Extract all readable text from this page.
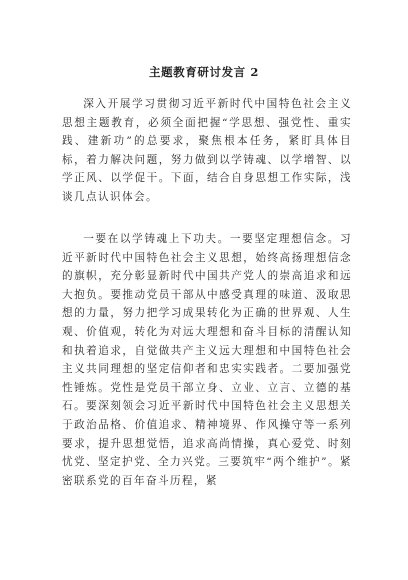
主题教育研讨发言 2

深入开展学习贯彻习近平新时代中国特色社会主义思想主题教育，必须全面把握“学思想、强党性、重实践、建新功”的总要求，聚焦根本任务，紧盯具体目标，着力解决问题，努力做到以学铸魂、以学增智、以学正风、以学促干。下面，结合自身思想工作实际，浅谈几点认识体会。

一要在以学铸魂上下功夫。一要坚定理想信念。习近平新时代中国特色社会主义思想，始终高扬理想信念的旗帜，充分彰显新时代中国共产党人的崇高追求和远大抱负。要推动党员干部从中感受真理的味道、汲取思想的力量，努力把学习成果转化为正确的世界观、人生观、价值观，转化为对远大理想和奋斗目标的清醒认知和执着追求，自觉做共产主义远大理想和中国特色社会主义共同理想的坚定信仰者和忠实实践者。二要加强党性锤炼。党性是党员干部立身、立业、立言、立德的基石。要深刻领会习近平新时代中国特色社会主义思想关于政治品格、价值追求、精神境界、作风操守等一系列要求，提升思想觉悟，追求高尚情操，真心爱党、时刻忧党、坚定护党、全力兴党。三要筑牢“两个维护”。紧密联系党的百年奋斗历程，紧
